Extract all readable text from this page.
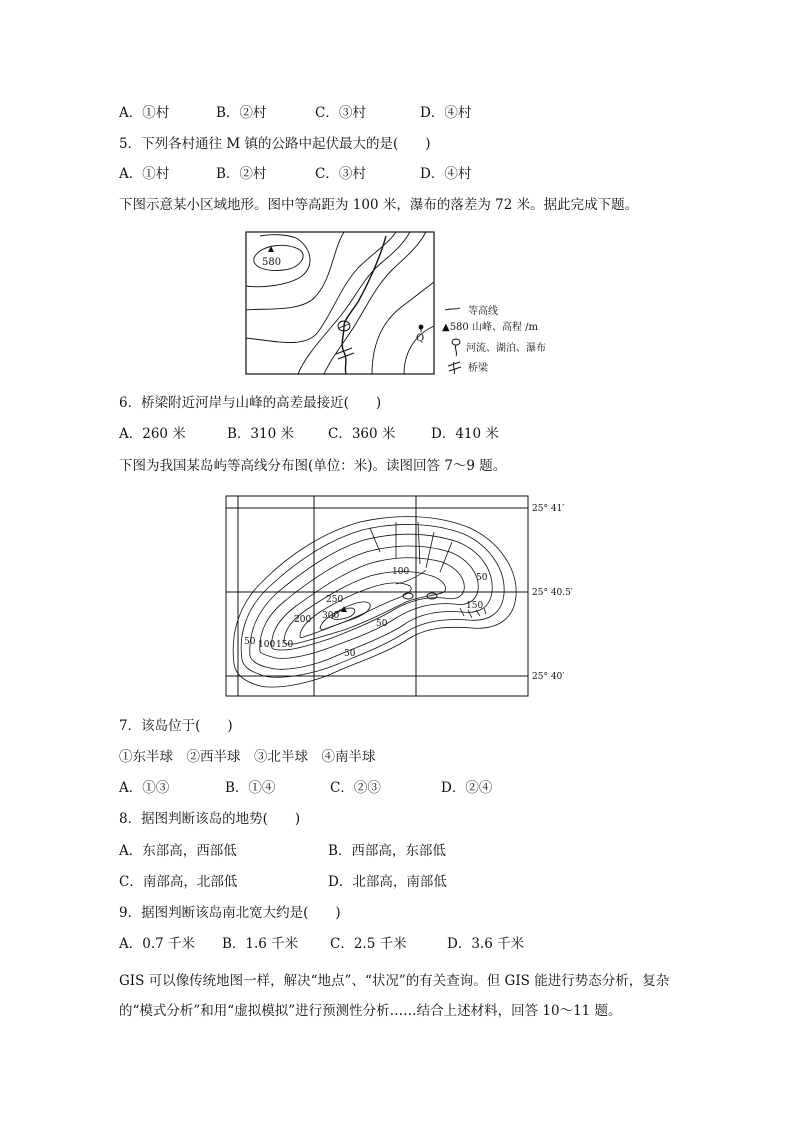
A．①村	B．②村	C．③村	D．④村
5．下列各村通往 M 镇的公路中起伏最大的是(　　)
A．①村	B．②村	C．③村	D．④村
下图示意某小区域地形。图中等高距为 100 米，瀑布的落差为 72 米。据此完成下题。
580
Q
等高线
▲580 山峰、高程 /m
河流、湖泊、瀑布
桥梁
6．桥梁附近河岸与山峰的高差最接近(　　)
A．260 米	B．310 米	C．360 米	D．410 米
下图为我国某岛屿等高线分布图(单位：米)。读图回答 7～9 题。
100
50
250
300
200
150
50
50 100 150
50
25° 41′
25° 40.5′
25° 40′
7．该岛位于(　　)
①东半球　②西半球　③北半球　④南半球
A．①③	B．①④	C．②③	D．②④
8．据图判断该岛的地势(　　)
A．东部高，西部低	B．西部高，东部低
C．南部高，北部低	D．北部高，南部低
9．据图判断该岛南北宽大约是(　　)
A．0.7 千米 B．1.6 千米 C．2.5 千米	D．3.6 千米
GIS 可以像传统地图一样，解决“地点”、“状况”的有关查询。但 GIS 能进行势态分析，复杂的“模式分析”和用“虚拟模拟”进行预测性分析……结合上述材料，回答 10～11 题。
